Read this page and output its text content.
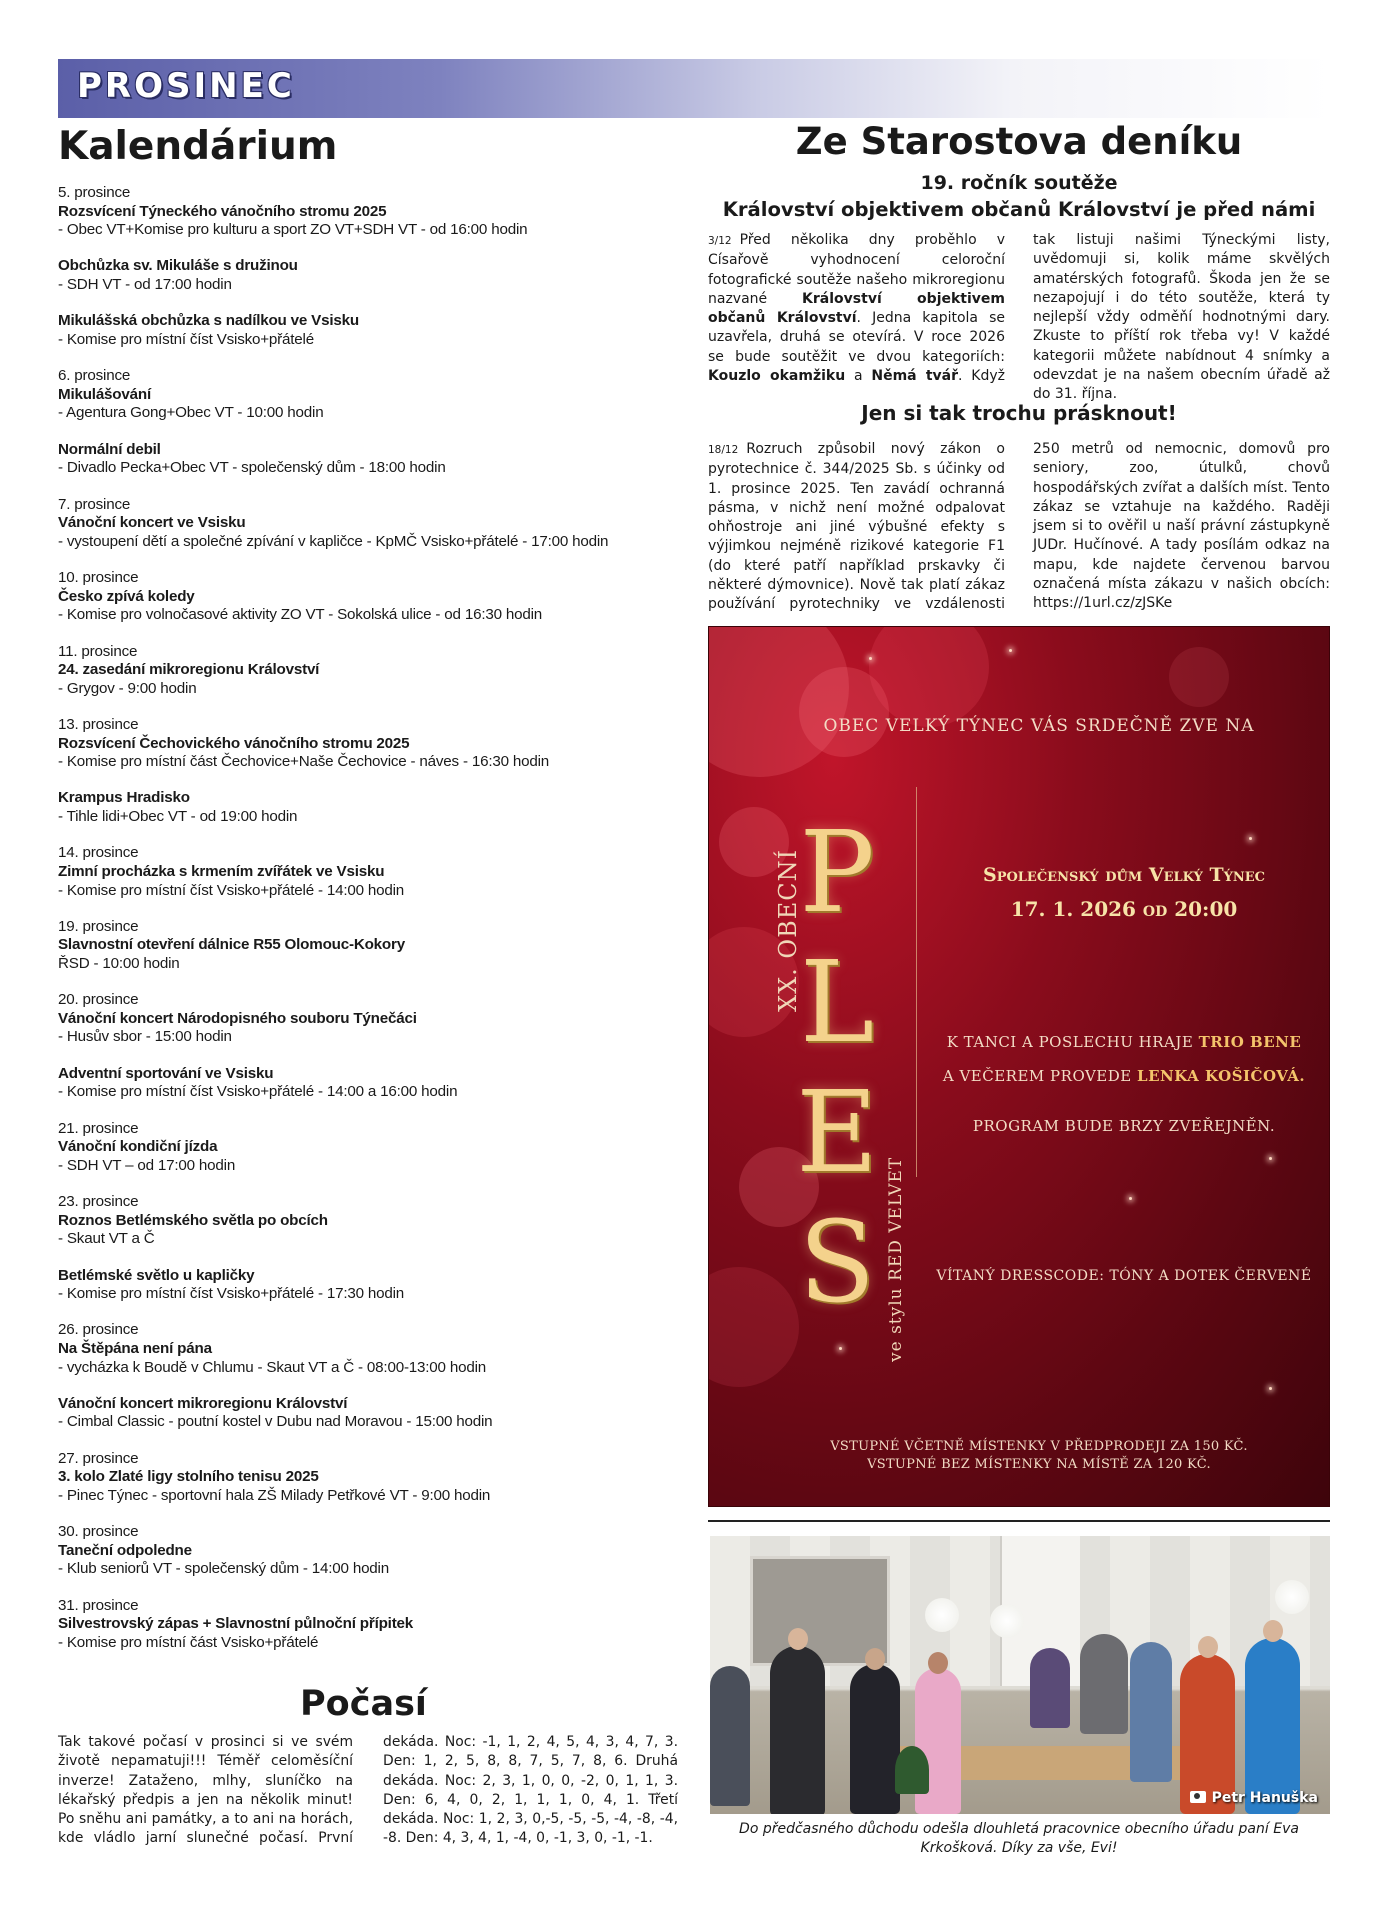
PROSINEC
Kalendárium
5. prosince
Rozsvícení Týneckého vánočního stromu 2025
- Obec VT+Komise pro kulturu a sport ZO VT+SDH VT - od 16:00 hodin
Obchůzka sv. Mikuláše s družinou
- SDH VT - od 17:00 hodin
Mikulášská obchůzka s nadílkou ve Vsisku
- Komise pro místní číst Vsisko+přátelé
6. prosince
Mikulášování
- Agentura Gong+Obec VT - 10:00 hodin
Normální debil
- Divadlo Pecka+Obec VT - společenský dům - 18:00 hodin
7. prosince
Vánoční koncert ve Vsisku
- vystoupení dětí a společné zpívání v kapličce - KpMČ Vsisko+přátelé - 17:00 hodin
10. prosince
Česko zpívá koledy
- Komise pro volnočasové aktivity ZO VT - Sokolská ulice - od 16:30 hodin
11. prosince
24. zasedání mikroregionu Království
- Grygov - 9:00 hodin
13. prosince
Rozsvícení Čechovického vánočního stromu 2025
- Komise pro místní část Čechovice+Naše Čechovice - náves - 16:30 hodin
Krampus Hradisko
- Tihle lidi+Obec VT - od 19:00 hodin
14. prosince
Zimní procházka s krmením zvířátek ve Vsisku
- Komise pro místní číst Vsisko+přátelé - 14:00 hodin
19. prosince
Slavnostní otevření dálnice R55 Olomouc-Kokory
ŘSD - 10:00 hodin
20. prosince
Vánoční koncert Národopisného souboru Týnečáci
- Husův sbor - 15:00 hodin
Adventní sportování ve Vsisku
- Komise pro místní číst Vsisko+přátelé - 14:00 a 16:00 hodin
21. prosince
Vánoční kondiční jízda
- SDH VT – od 17:00 hodin
23. prosince
Roznos Betlémského světla po obcích
- Skaut VT a Č
Betlémské světlo u kapličky
- Komise pro místní číst Vsisko+přátelé - 17:30 hodin
26. prosince
Na Štěpána není pána
- vycházka k Boudě v Chlumu - Skaut VT a Č - 08:00-13:00 hodin
Vánoční koncert mikroregionu Království
- Cimbal Classic - poutní kostel v Dubu nad Moravou - 15:00 hodin
27. prosince
3. kolo Zlaté ligy stolního tenisu 2025
- Pinec Týnec - sportovní hala ZŠ Milady Petřkové VT - 9:00 hodin
30. prosince
Taneční odpoledne
- Klub seniorů VT - společenský dům - 14:00 hodin
31. prosince
Silvestrovský zápas + Slavnostní půlnoční přípitek
- Komise pro místní část Vsisko+přátelé
Počasí
Tak takové počasí v prosinci si ve svém životě nepamatuji!!! Téměř celoměsíční inverze! Zataženo, mlhy, sluníčko na lékařský předpis a jen na několik minut! Po sněhu ani památky, a to ani na horách, kde vládlo jarní slunečné počasí. První dekáda. Noc: -1, 1, 2, 4, 5, 4, 3, 4, 7, 3. Den: 1, 2, 5, 8, 8, 7, 5, 7, 8, 6. Druhá dekáda. Noc: 2, 3, 1, 0, 0, -2, 0, 1, 1, 3. Den: 6, 4, 0, 2, 1, 1, 1, 0, 4, 1. Třetí dekáda. Noc: 1, 2, 3, 0,-5, -5, -5, -4, -8, -4, -8. Den: 4, 3, 4, 1, -4, 0, -1, 3, 0, -1, -1.
Ze Starostova deníku
19. ročník soutěže
Království objektivem občanů Království je před námi
3/12 Před několika dny proběhlo v Císařově vyhodnocení celoroční fotografické soutěže našeho mikroregionu nazvané Království objektivem občanů Království. Jedna kapitola se uzavřela, druhá se otevírá. V roce 2026 se bude soutěžit ve dvou kategoriích: Kouzlo okamžiku a Němá tvář. Když tak listuji našimi Týneckými listy, uvědomuji si, kolik máme skvělých amatérských fotografů. Škoda jen že se nezapojují i do této soutěže, která ty nejlepší vždy odměňí hodnotnými dary. Zkuste to příští rok třeba vy! V každé kategorii můžete nabídnout 4 snímky a odevzdat je na našem obecním úřadě až do 31. října.
Jen si tak trochu prásknout!
18/12 Rozruch způsobil nový zákon o pyrotechnice č. 344/2025 Sb. s účinky od 1. prosince 2025. Ten zavádí ochranná pásma, v nichž není možné odpalovat ohňostroje ani jiné výbušné efekty s výjimkou nejméně rizikové kategorie F1 (do které patří například prskavky či některé dýmovnice). Nově tak platí zákaz používání pyrotechniky ve vzdálenosti 250 metrů od nemocnic, domovů pro seniory, zoo, útulků, chovů hospodářských zvířat a dalších míst. Tento zákaz se vztahuje na každého. Raději jsem si to ověřil u naší právní zástupkyně JUDr. Hučínové. A tady posílám odkaz na mapu, kde najdete červenou barvou označená místa zákazu v našich obcích: https://1url.cz/zJSKe
OBEC VELKÝ TÝNEC VÁS SRDEČNĚ ZVE NA
XX. OBECNÍ
P
L
E
S ve stylu RED VELVET
Společenský dům Velký Týnec
17. 1. 2026 od 20:00
K TANCI A POSLECHU HRAJE TRIO BENE
A VEČEREM PROVEDE LENKA KOŠIČOVÁ.
PROGRAM BUDE BRZY ZVEŘEJNĚN.
VÍTANÝ DRESSCODE: TÓNY A DOTEK ČERVENÉ
VSTUPNÉ VČETNĚ MÍSTENKY V PŘEDPRODEJI ZA 150 KČ.
VSTUPNÉ BEZ MÍSTENKY NA MÍSTĚ ZA 120 KČ.
Petr Hanuška
Do předčasného důchodu odešla dlouhletá pracovnice obecního úřadu paní Eva Krkošková. Díky za vše, Evi!
